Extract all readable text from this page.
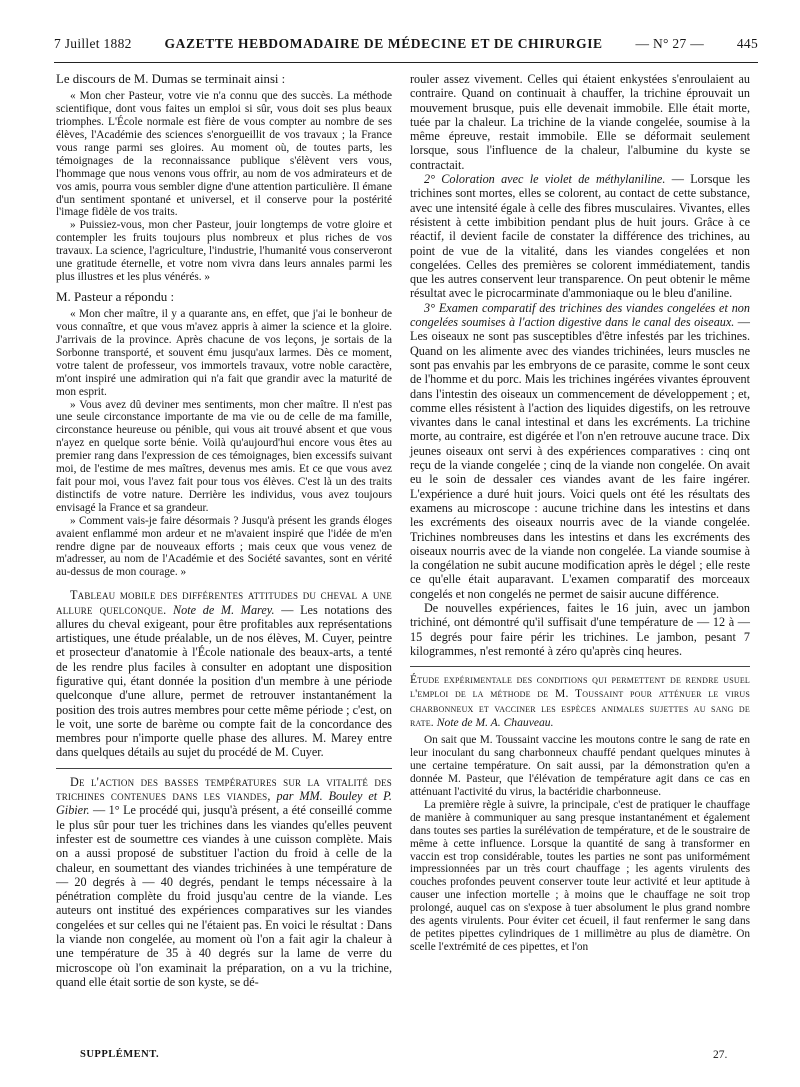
7 Juillet 1882 GAZETTE HEBDOMADAIRE DE MÉDECINE ET DE CHIRURGIE — N° 27 — 445

Le discours de M. Dumas se terminait ainsi :

« Mon cher Pasteur, votre vie n'a connu que des succès. La méthode scientifique, dont vous faites un emploi si sûr, vous doit ses plus beaux triomphes. L'École normale est fière de vous compter au nombre de ses élèves, l'Académie des sciences s'enorgueillit de vos travaux ; la France vous range parmi ses gloires. Au moment où, de toutes parts, les témoignages de la reconnaissance publique s'élèvent vers vous, l'hommage que nous venons vous offrir, au nom de vos admirateurs et de vos amis, pourra vous sembler digne d'une attention particulière. Il émane d'un sentiment spontané et universel, et il conserve pour la postérité l'image fidèle de vos traits.

» Puissiez-vous, mon cher Pasteur, jouir longtemps de votre gloire et contempler les fruits toujours plus nombreux et plus riches de vos travaux. La science, l'agriculture, l'industrie, l'humanité vous conserveront une gratitude éternelle, et votre nom vivra dans leurs annales parmi les plus illustres et les plus vénérés. »

M. Pasteur a répondu :

« Mon cher maître, il y a quarante ans, en effet, que j'ai le bonheur de vous connaître, et que vous m'avez appris à aimer la science et la gloire. J'arrivais de la province. Après chacune de vos leçons, je sortais de la Sorbonne transporté, et souvent ému jusqu'aux larmes. Dès ce moment, votre talent de professeur, vos immortels travaux, votre noble caractère, m'ont inspiré une admiration qui n'a fait que grandir avec la maturité de mon esprit.

» Vous avez dû deviner mes sentiments, mon cher maître. Il n'est pas une seule circonstance importante de ma vie ou de celle de ma famille, circonstance heureuse ou pénible, qui vous ait trouvé absent et que vous n'ayez en quelque sorte bénie. Voilà qu'aujourd'hui encore vous êtes au premier rang dans l'expression de ces témoignages, bien excessifs suivant moi, de l'estime de mes maîtres, devenus mes amis. Et ce que vous avez fait pour moi, vous l'avez fait pour tous vos élèves. C'est là un des traits distinctifs de votre nature. Derrière les individus, vous avez toujours envisagé la France et sa grandeur.

» Comment vais-je faire désormais ? Jusqu'à présent les grands éloges avaient enflammé mon ardeur et ne m'avaient inspiré que l'idée de m'en rendre digne par de nouveaux efforts ; mais ceux que vous venez de m'adresser, au nom de l'Académie et des Société savantes, sont en vérité au-dessus de mon courage. »

Tableau mobile des différentes attitudes du cheval a une allure quelconque. Note de M. Marey. — Les notations des allures du cheval exigeant, pour être profitables aux représentations artistiques, une étude préalable, un de nos élèves, M. Cuyer, peintre et prosecteur d'anatomie à l'École nationale des beaux-arts, a tenté de les rendre plus faciles à consulter en adoptant une disposition figurative qui, étant donnée la position d'un membre à une période quelconque d'une allure, permet de retrouver instantanément la position des trois autres membres pour cette même période ; c'est, on le voit, une sorte de barème ou compte fait de la concordance des membres pour n'importe quelle phase des allures. M. Marey entre dans quelques détails au sujet du procédé de M. Cuyer.

De l'action des basses températures sur la vitalité des trichines contenues dans les viandes, par MM. Bouley et P. Gibier. — 1° Le procédé qui, jusqu'à présent, a été conseillé comme le plus sûr pour tuer les trichines dans les viandes qu'elles peuvent infester est de soumettre ces viandes à une cuisson complète. Mais on a aussi proposé de substituer l'action du froid à celle de la chaleur, en soumettant des viandes trichinées à une température de — 20 degrés à — 40 degrés, pendant le temps nécessaire à la pénétration complète du froid jusqu'au centre de la viande. Les auteurs ont institué des expériences comparatives sur les viandes congelées et sur celles qui ne l'étaient pas. En voici le résultat : Dans la viande non congelée, au moment où l'on a fait agir la chaleur à une température de 35 à 40 degrés sur la lame de verre du microscope où l'on examinait la préparation, on a vu la trichine, quand elle était sortie de son kyste, se dé-

rouler assez vivement. Celles qui étaient enkystées s'enroulaient au contraire. Quand on continuait à chauffer, la trichine éprouvait un mouvement brusque, puis elle devenait immobile. Elle était morte, tuée par la chaleur. La trichine de la viande congelée, soumise à la même épreuve, restait immobile. Elle se déformait seulement lorsque, sous l'influence de la chaleur, l'albumine du kyste se contractait.

2° Coloration avec le violet de méthylaniline. — Lorsque les trichines sont mortes, elles se colorent, au contact de cette substance, avec une intensité égale à celle des fibres musculaires. Vivantes, elles résistent à cette imbibition pendant plus de huit jours. Grâce à ce réactif, il devient facile de constater la différence des trichines, au point de vue de la vitalité, dans les viandes congelées et non congelées. Celles des premières se colorent immédiatement, tandis que les autres conservent leur transparence. On peut obtenir le même résultat avec le picrocarminate d'ammoniaque ou le bleu d'aniline.

3° Examen comparatif des trichines des viandes congelées et non congelées soumises à l'action digestive dans le canal des oiseaux. — Les oiseaux ne sont pas susceptibles d'être infestés par les trichines. Quand on les alimente avec des viandes trichinées, leurs muscles ne sont pas envahis par les embryons de ce parasite, comme le sont ceux de l'homme et du porc. Mais les trichines ingérées vivantes éprouvent dans l'intestin des oiseaux un commencement de développement ; et, comme elles résistent à l'action des liquides digestifs, on les retrouve vivantes dans le canal intestinal et dans les excréments. La trichine morte, au contraire, est digérée et l'on n'en retrouve aucune trace. Dix jeunes oiseaux ont servi à des expériences comparatives : cinq ont reçu de la viande congelée ; cinq de la viande non congelée. On avait eu le soin de dessaler ces viandes avant de les faire ingérer. L'expérience a duré huit jours. Voici quels ont été les résultats des examens au microscope : aucune trichine dans les intestins et dans les excréments des oiseaux nourris avec de la viande congelée. Trichines nombreuses dans les intestins et dans les excréments des oiseaux nourris avec de la viande non congelée. La viande soumise à la congélation ne subit aucune modification après le dégel ; elle reste ce qu'elle était auparavant. L'examen comparatif des morceaux congelés et non congelés ne permet de saisir aucune différence.

De nouvelles expériences, faites le 16 juin, avec un jambon trichiné, ont démontré qu'il suffisait d'une température de — 12 à — 15 degrés pour faire périr les trichines. Le jambon, pesant 7 kilogrammes, n'est remonté à zéro qu'après cinq heures.

Étude expérimentale des conditions qui permettent de rendre usuel l'emploi de la méthode de M. Toussaint pour atténuer le virus charbonneux et vacciner les espèces animales sujettes au sang de rate. Note de M. A. Chauveau.

On sait que M. Toussaint vaccine les moutons contre le sang de rate en leur inoculant du sang charbonneux chauffé pendant quelques minutes à une certaine température. On sait aussi, par la démonstration qu'en a donnée M. Pasteur, que l'élévation de température agit dans ce cas en atténuant l'activité du virus, la bactéridie charbonneuse.

La première règle à suivre, la principale, c'est de pratiquer le chauffage de manière à communiquer au sang presque instantanément et également dans toutes ses parties la surélévation de température, et de le soustraire de même à cette influence. Lorsque la quantité de sang à transformer en vaccin est trop considérable, toutes les parties ne sont pas uniformément impressionnées par un très court chauffage ; les agents virulents des couches profondes peuvent conserver toute leur activité et leur aptitude à causer une infection mortelle ; à moins que le chauffage ne soit trop prolongé, auquel cas on s'expose à tuer absolument le plus grand nombre des agents virulents. Pour éviter cet écueil, il faut renfermer le sang dans de petites pipettes cylindriques de 1 millimètre au plus de diamètre. On scelle l'extrémité de ces pipettes, et l'on

SUPPLÉMENT.	27.
